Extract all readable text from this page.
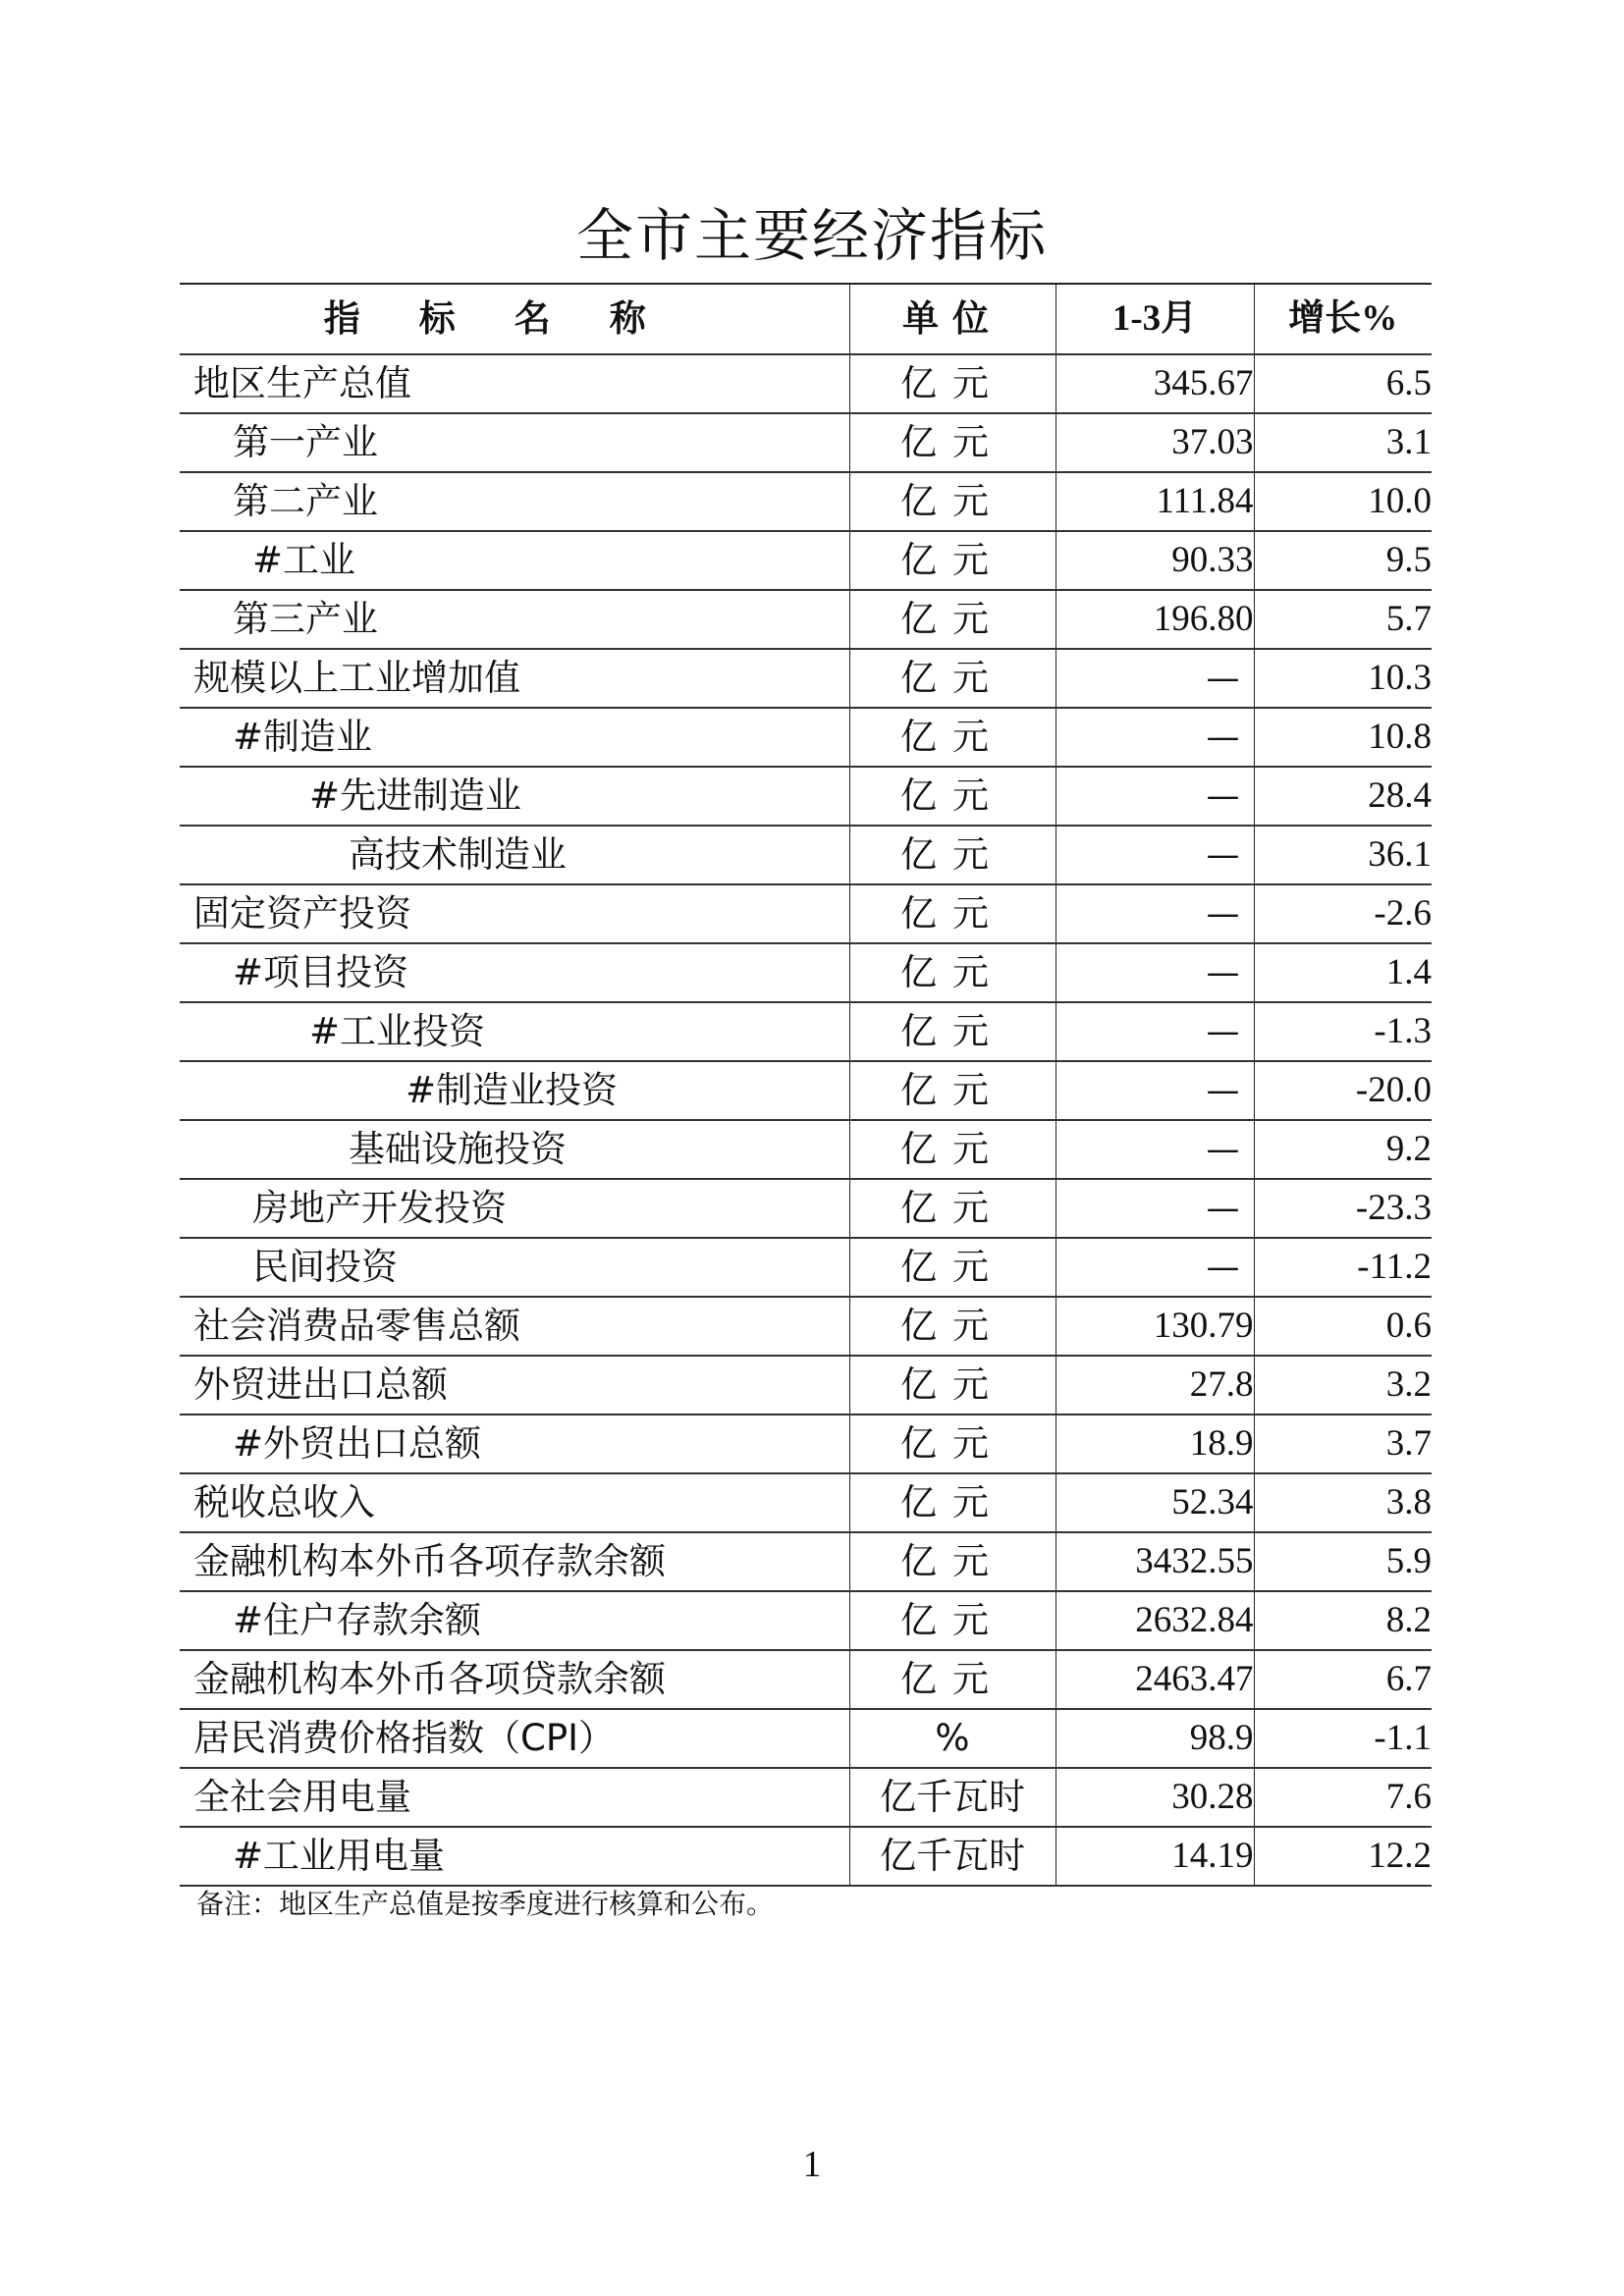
全市主要经济指标
指标名称	单位	1-3月	增长%
地区生产总值	亿元	345.67	6.5
第一产业	亿元	37.03	3.1
第二产业	亿元	111.84	10.0
#工业	亿元	90.33	9.5
第三产业	亿元	196.80	5.7
规模以上工业增加值	亿元	—	10.3
#制造业	亿元	—	10.8
#先进制造业	亿元	—	28.4
高技术制造业	亿元	—	36.1
固定资产投资	亿元	—	-2.6
#项目投资	亿元	—	1.4
#工业投资	亿元	—	-1.3
#制造业投资	亿元	—	-20.0
基础设施投资	亿元	—	9.2
房地产开发投资	亿元	—	-23.3
民间投资	亿元	—	-11.2
社会消费品零售总额	亿元	130.79	0.6
外贸进出口总额	亿元	27.8	3.2
#外贸出口总额	亿元	18.9	3.7
税收总收入	亿元	52.34	3.8
金融机构本外币各项存款余额	亿元	3432.55	5.9
#住户存款余额	亿元	2632.84	8.2
金融机构本外币各项贷款余额	亿元	2463.47	6.7
居民消费价格指数（CPI）	%	98.9	-1.1
全社会用电量	亿千瓦时	30.28	7.6
#工业用电量	亿千瓦时	14.19	12.2
备注：地区生产总值是按季度进行核算和公布。
1
